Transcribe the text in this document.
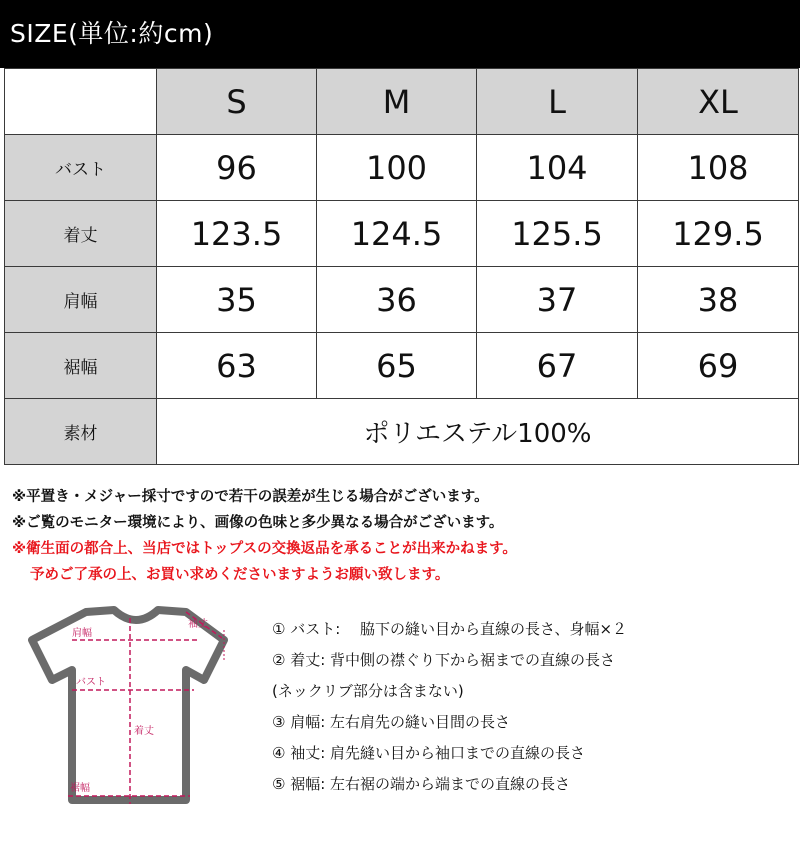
SIZE(単位:約cm)
	S	M	L	XL
バスト	96	100	104	108
着丈	123.5	124.5	125.5	129.5
肩幅	35	36	37	38
裾幅	63	65	67	69
素材	ポリエステル100%			
※平置き・メジャー採寸ですので若干の誤差が生じる場合がございます。
※ご覧のモニター環境により、画像の色味と多少異なる場合がございます。
※衛生面の都合上、当店ではトップスの交換返品を承ることが出来かねます。
予めご了承の上、お買い求めくださいますようお願い致します。
肩幅
袖丈
バスト
着丈
裾幅
① バスト:　 脇下の縫い目から直線の長さ、身幅×２
② 着丈: 背中側の襟ぐり下から裾までの直線の長さ
(ネックリブ部分は含まない)
③ 肩幅: 左右肩先の縫い目間の長さ
④ 袖丈: 肩先縫い目から袖口までの直線の長さ
⑤ 裾幅: 左右裾の端から端までの直線の長さ
